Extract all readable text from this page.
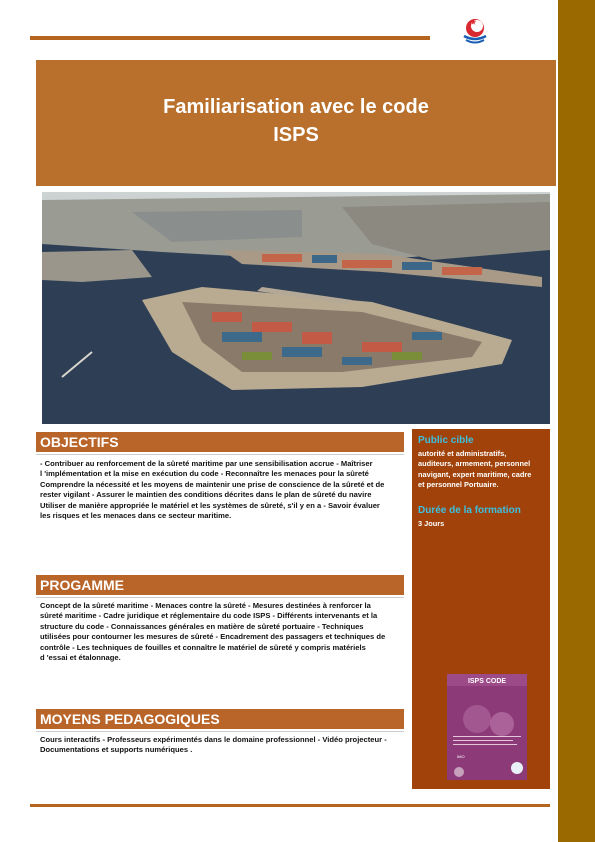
Familiarisation avec le code
ISPS
OBJECTIFS
- Contribuer au renforcement de la sûreté maritime par une sensibilisation accrue - Maîtriser
l 'implémentation et la mise en exécution du code - Reconnaître les menaces pour la sûreté
Comprendre la nécessité et les moyens de maintenir une prise de conscience de la sûreté et de
rester vigilant - Assurer le maintien des conditions décrites dans le plan de sûreté du navire
Utiliser de manière appropriée le matériel et les systèmes de sûreté, s'il y en a - Savoir évaluer
les risques et les menaces dans ce secteur maritime.
PROGAMME
Concept de la sûreté maritime - Menaces contre la sûreté - Mesures destinées à renforcer la
sûreté maritime - Cadre juridique et réglementaire du code ISPS - Différents intervenants et la
structure du code - Connaissances générales en matière de sûreté portuaire - Techniques
utilisées pour contourner les mesures de sûreté - Encadrement des passagers et techniques de
contrôle - Les techniques de fouilles et connaître le matériel de sûreté y compris matériels
d 'essai et étalonnage.
MOYENS PEDAGOGIQUES
Cours interactifs - Professeurs expérimentés dans le domaine professionnel - Vidéo projecteur -
Documentations et supports numériques .
Public cible
autorité et administratifs,
auditeurs, armement, personnel
navigant, expert maritime, cadre
et personnel Portuaire.
Durée de la formation
3 Jours
ISPS CODE
IMO
